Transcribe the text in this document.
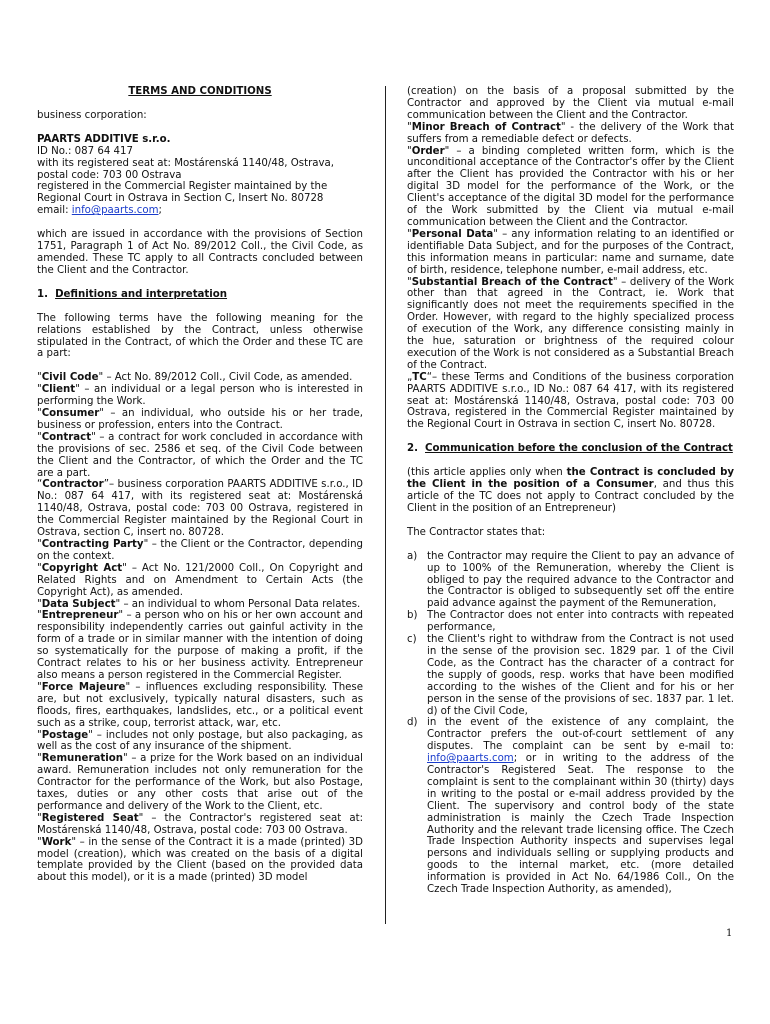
TERMS AND CONDITIONS

business corporation:

PAARTS ADDITIVE s.r.o.

ID No.: 087 64 417

with its registered seat at: Mostárenská 1140/48, Ostrava,

postal code: 703 00 Ostrava

registered in the Commercial Register maintained by the

Regional Court in Ostrava in Section C, Insert No. 80728

email: info@paarts.com;

which are issued in accordance with the provisions of Section 1751, Paragraph 1 of Act No. 89/2012 Coll., the Civil Code, as amended. These TC apply to all Contracts concluded between the Client and the Contractor.

1. Definitions and interpretation

The following terms have the following meaning for the relations established by the Contract, unless otherwise stipulated in the Contract, of which the Order and these TC are a part:

"Civil Code" – Act No. 89/2012 Coll., Civil Code, as amended.

"Client" – an individual or a legal person who is interested in performing the Work.

"Consumer" – an individual, who outside his or her trade, business or profession, enters into the Contract.

"Contract" – a contract for work concluded in accordance with the provisions of sec. 2586 et seq. of the Civil Code between the Client and the Contractor, of which the Order and the TC are a part.

“Contractor”– business corporation PAARTS ADDITIVE s.r.o., ID No.: 087 64 417, with its registered seat at: Mostárenská 1140/48, Ostrava, postal code: 703 00 Ostrava, registered in the Commercial Register maintained by the Regional Court in Ostrava, section C, insert no. 80728.

"Contracting Party" – the Client or the Contractor, depending on the context.

"Copyright Act" – Act No. 121/2000 Coll., On Copyright and Related Rights and on Amendment to Certain Acts (the Copyright Act), as amended.

"Data Subject" – an individual to whom Personal Data relates.

"Entrepreneur" – a person who on his or her own account and responsibility independently carries out gainful activity in the form of a trade or in similar manner with the intention of doing so systematically for the purpose of making a profit, if the Contract relates to his or her business activity. Entrepreneur also means a person registered in the Commercial Register.

"Force Majeure" – influences excluding responsibility. These are, but not exclusively, typically natural disasters, such as floods, fires, earthquakes, landslides, etc., or a political event such as a strike, coup, terrorist attack, war, etc.

"Postage" – includes not only postage, but also packaging, as well as the cost of any insurance of the shipment.

"Remuneration" – a prize for the Work based on an individual award. Remuneration includes not only remuneration for the Contractor for the performance of the Work, but also Postage, taxes, duties or any other costs that arise out of the performance and delivery of the Work to the Client, etc.

"Registered Seat" – the Contractor's registered seat at: Mostárenská 1140/48, Ostrava, postal code: 703 00 Ostrava.

"Work" – in the sense of the Contract it is a made (printed) 3D model (creation), which was created on the basis of a digital template provided by the Client (based on the provided data about this model), or it is a made (printed) 3D model

(creation) on the basis of a proposal submitted by the Contractor and approved by the Client via mutual e-mail communication between the Client and the Contractor.

"Minor Breach of Contract" - the delivery of the Work that suffers from a remediable defect or defects.

"Order" – a binding completed written form, which is the unconditional acceptance of the Contractor's offer by the Client after the Client has provided the Contractor with his or her digital 3D model for the performance of the Work, or the Client's acceptance of the digital 3D model for the performance of the Work submitted by the Client via mutual e-mail communication between the Client and the Contractor.

"Personal Data" – any information relating to an identified or identifiable Data Subject, and for the purposes of the Contract, this information means in particular: name and surname, date of birth, residence, telephone number, e-mail address, etc.

"Substantial Breach of the Contract" – delivery of the Work other than that agreed in the Contract, ie. Work that significantly does not meet the requirements specified in the Order. However, with regard to the highly specialized process of execution of the Work, any difference consisting mainly in the hue, saturation or brightness of the required colour execution of the Work is not considered as a Substantial Breach of the Contract.

„TC“– these Terms and Conditions of the business corporation PAARTS ADDITIVE s.r.o., ID No.: 087 64 417, with its registered seat at: Mostárenská 1140/48, Ostrava, postal code: 703 00 Ostrava, registered in the Commercial Register maintained by the Regional Court in Ostrava in section C, insert No. 80728.

2. Communication before the conclusion of the Contract

(this article applies only when the Contract is concluded by the Client in the position of a Consumer, and thus this article of the TC does not apply to Contract concluded by the Client in the position of an Entrepreneur)

The Contractor states that:

a) the Contractor may require the Client to pay an advance of up to 100% of the Remuneration, whereby the Client is obliged to pay the required advance to the Contractor and the Contractor is obliged to subsequently set off the entire paid advance against the payment of the Remuneration,
b) The Contractor does not enter into contracts with repeated performance,
c)	the Client's right to withdraw from the Contract is not used in the sense of the provision sec. 1829 par. 1 of the Civil Code, as the Contract has the character of a contract for the supply of goods, resp. works that have been modified according to the wishes of the Client and for his or her person in the sense of the provisions of sec. 1837 par. 1 let. d) of the Civil Code,
d) in the event of the existence of any complaint, the Contractor prefers the out-of-court settlement of any disputes. The complaint can be sent by e-mail to: info@paarts.com; or in writing to the address of the Contractor's Registered Seat. The response to the complaint is sent to the complainant within 30 (thirty) days in writing to the postal or e-mail address provided by the Client. The supervisory and control body of the state administration is mainly the Czech Trade Inspection Authority and the relevant trade licensing office. The Czech Trade Inspection Authority inspects and supervises legal persons and individuals selling or supplying products and goods to the internal market, etc. (more detailed information is provided in Act No. 64/1986 Coll., On the Czech Trade Inspection Authority, as amended),
1
